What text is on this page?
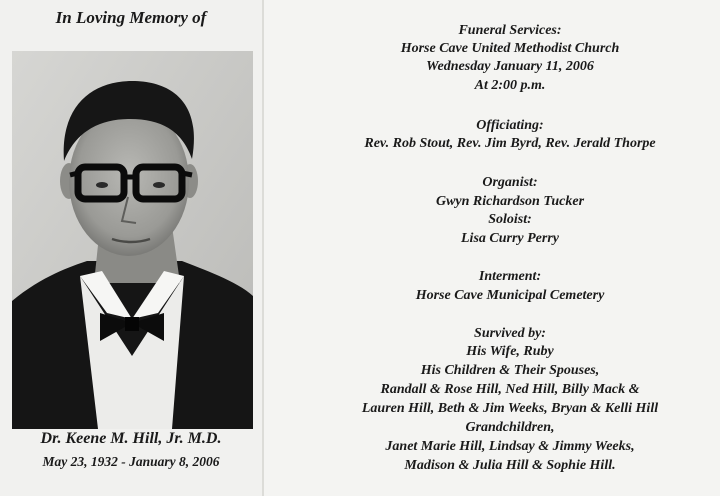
In Loving Memory of
Dr. Keene M. Hill, Jr. M.D.
May 23, 1932 - January 8, 2006
Funeral Services:
Horse Cave United Methodist Church
Wednesday January 11, 2006
At 2:00 p.m.
Officiating:
Rev. Rob Stout, Rev. Jim Byrd, Rev. Jerald Thorpe
Organist:
Gwyn Richardson Tucker
Soloist:
Lisa Curry Perry
Interment:
Horse Cave Municipal Cemetery
Survived by:
His Wife, Ruby
His Children & Their Spouses,
Randall & Rose Hill, Ned Hill, Billy Mack &
Lauren Hill, Beth & Jim Weeks, Bryan & Kelli Hill
Grandchildren,
Janet Marie Hill, Lindsay & Jimmy Weeks,
Madison & Julia Hill & Sophie Hill.
